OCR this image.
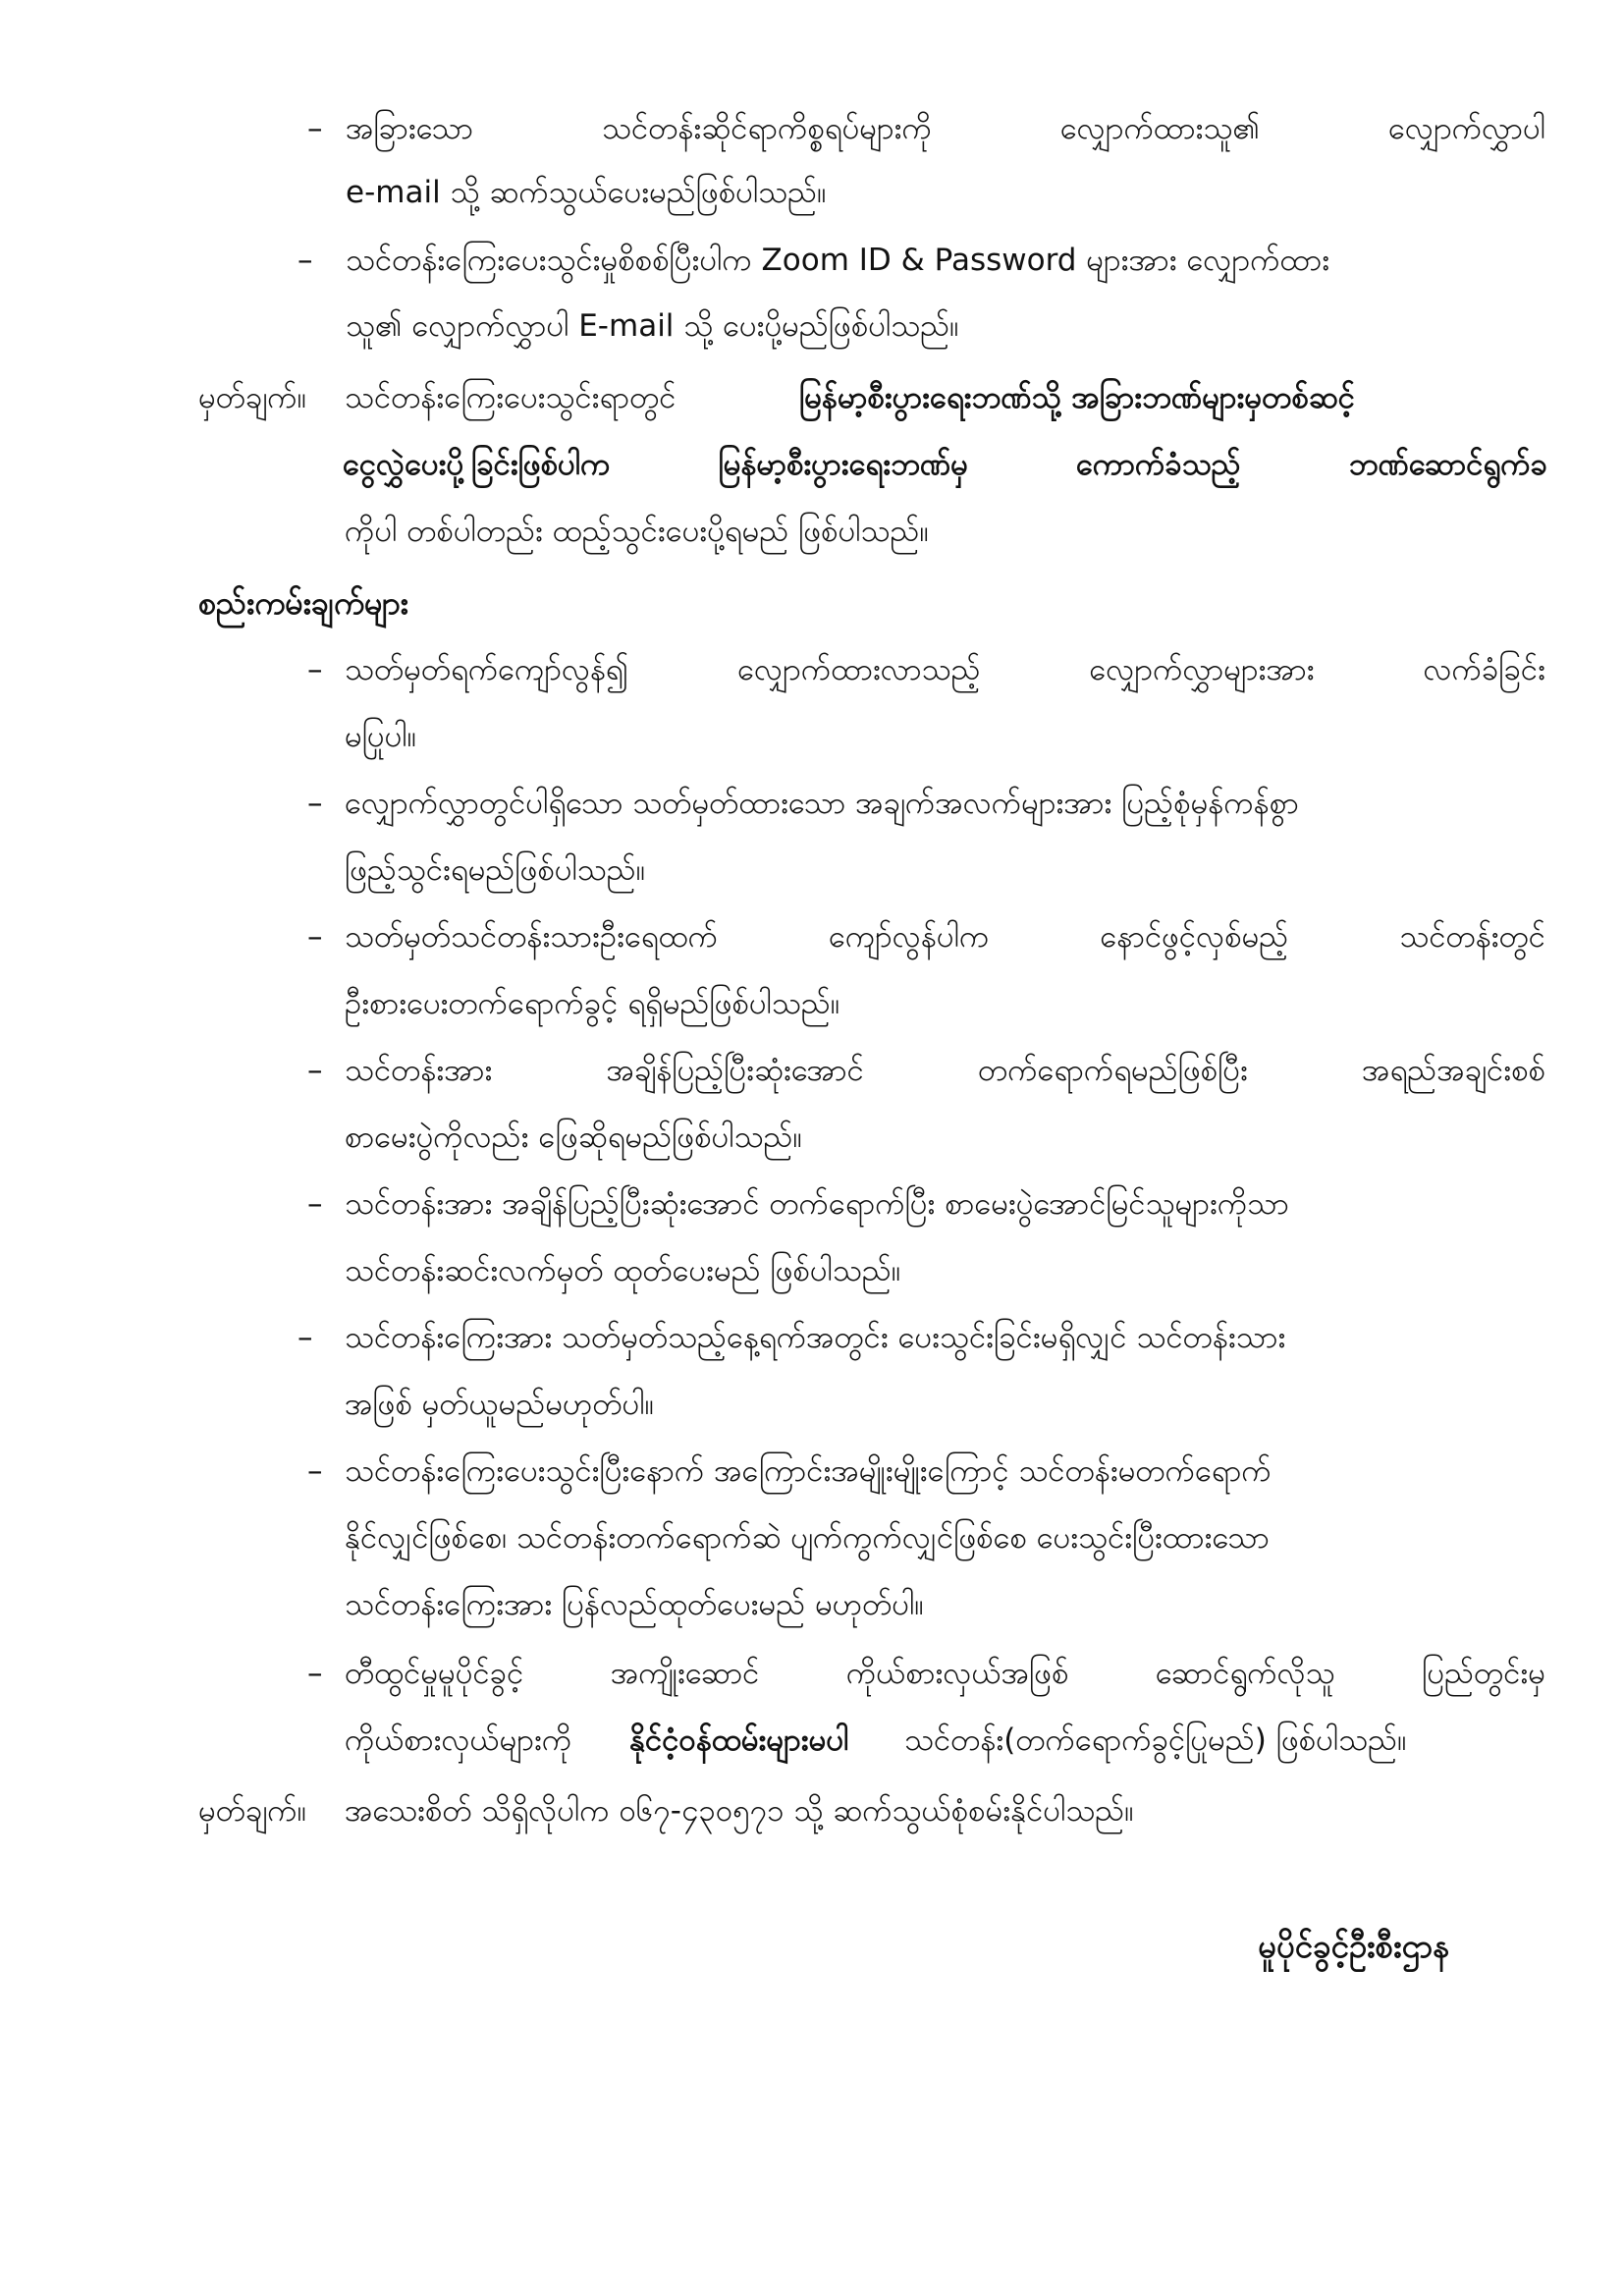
– အခြားသော သင်တန်းဆိုင်ရာကိစ္စရပ်များကို လျှောက်ထားသူ၏ လျှောက်လွှာပါ
e-mail သို့ ဆက်သွယ်ပေးမည်ဖြစ်ပါသည်။
– သင်တန်းကြေးပေးသွင်းမှုစိစစ်ပြီးပါက Zoom ID & Password များအား လျှောက်ထား
သူ၏ လျှောက်လွှာပါ E-mail သို့ ပေးပို့မည်ဖြစ်ပါသည်။
မှတ်ချက်။ သင်တန်းကြေးပေးသွင်းရာတွင်	မြန်မာ့စီးပွားရေးဘဏ်သို့ အခြားဘဏ်များမှတစ်ဆင့်
ငွေလွှဲပေးပို့ခြင်းဖြစ်ပါက မြန်မာ့စီးပွားရေးဘဏ်မှ ကောက်ခံသည့် ဘဏ်ဆောင်ရွက်ခ
ကိုပါ တစ်ပါတည်း ထည့်သွင်းပေးပို့ရမည် ဖြစ်ပါသည်။
စည်းကမ်းချက်များ
– သတ်မှတ်ရက်ကျော်လွန်၍ လျှောက်ထားလာသည့် လျှောက်လွှာများအား လက်ခံခြင်း
မပြုပါ။
– လျှောက်လွှာတွင်ပါရှိသော သတ်မှတ်ထားသော အချက်အလက်များအား ပြည့်စုံမှန်ကန်စွာ
ဖြည့်သွင်းရမည်ဖြစ်ပါသည်။
– သတ်မှတ်သင်တန်းသားဦးရေထက် ကျော်လွန်ပါက နောင်ဖွင့်လှစ်မည့် သင်တန်းတွင်
ဦးစားပေးတက်ရောက်ခွင့် ရရှိမည်ဖြစ်ပါသည်။
– သင်တန်းအား အချိန်ပြည့်ပြီးဆုံးအောင် တက်ရောက်ရမည်ဖြစ်ပြီး အရည်အချင်းစစ်
စာမေးပွဲကိုလည်း ဖြေဆိုရမည်ဖြစ်ပါသည်။
– သင်တန်းအား အချိန်ပြည့်ပြီးဆုံးအောင် တက်ရောက်ပြီး စာမေးပွဲအောင်မြင်သူများကိုသာ
သင်တန်းဆင်းလက်မှတ် ထုတ်ပေးမည် ဖြစ်ပါသည်။
– သင်တန်းကြေးအား သတ်မှတ်သည့်နေ့ရက်အတွင်း ပေးသွင်းခြင်းမရှိလျှင် သင်တန်းသား
အဖြစ် မှတ်ယူမည်မဟုတ်ပါ။
– သင်တန်းကြေးပေးသွင်းပြီးနောက် အကြောင်းအမျိုးမျိုးကြောင့် သင်တန်းမတက်ရောက်
နိုင်လျှင်ဖြစ်စေ၊ သင်တန်းတက်ရောက်ဆဲ ပျက်ကွက်လျှင်ဖြစ်စေ ပေးသွင်းပြီးထားသော
သင်တန်းကြေးအား ပြန်လည်ထုတ်ပေးမည် မဟုတ်ပါ။
– တီထွင်မှုမူပိုင်ခွင့် အကျိုးဆောင် ကိုယ်စားလှယ်အဖြစ် ဆောင်ရွက်လိုသူ ပြည်တွင်းမှ
ကိုယ်စားလှယ်များကို နိုင်ငံ့ဝန်ထမ်းများမပါ သင်တန်း(တက်ရောက်ခွင့်ပြုမည်) ဖြစ်ပါသည်။
မှတ်ချက်။ အသေးစိတ် သိရှိလိုပါက ၀၆၇-၄၃၀၅၇၁ သို့ ဆက်သွယ်စုံစမ်းနိုင်ပါသည်။
မူပိုင်ခွင့်ဦးစီးဌာန
